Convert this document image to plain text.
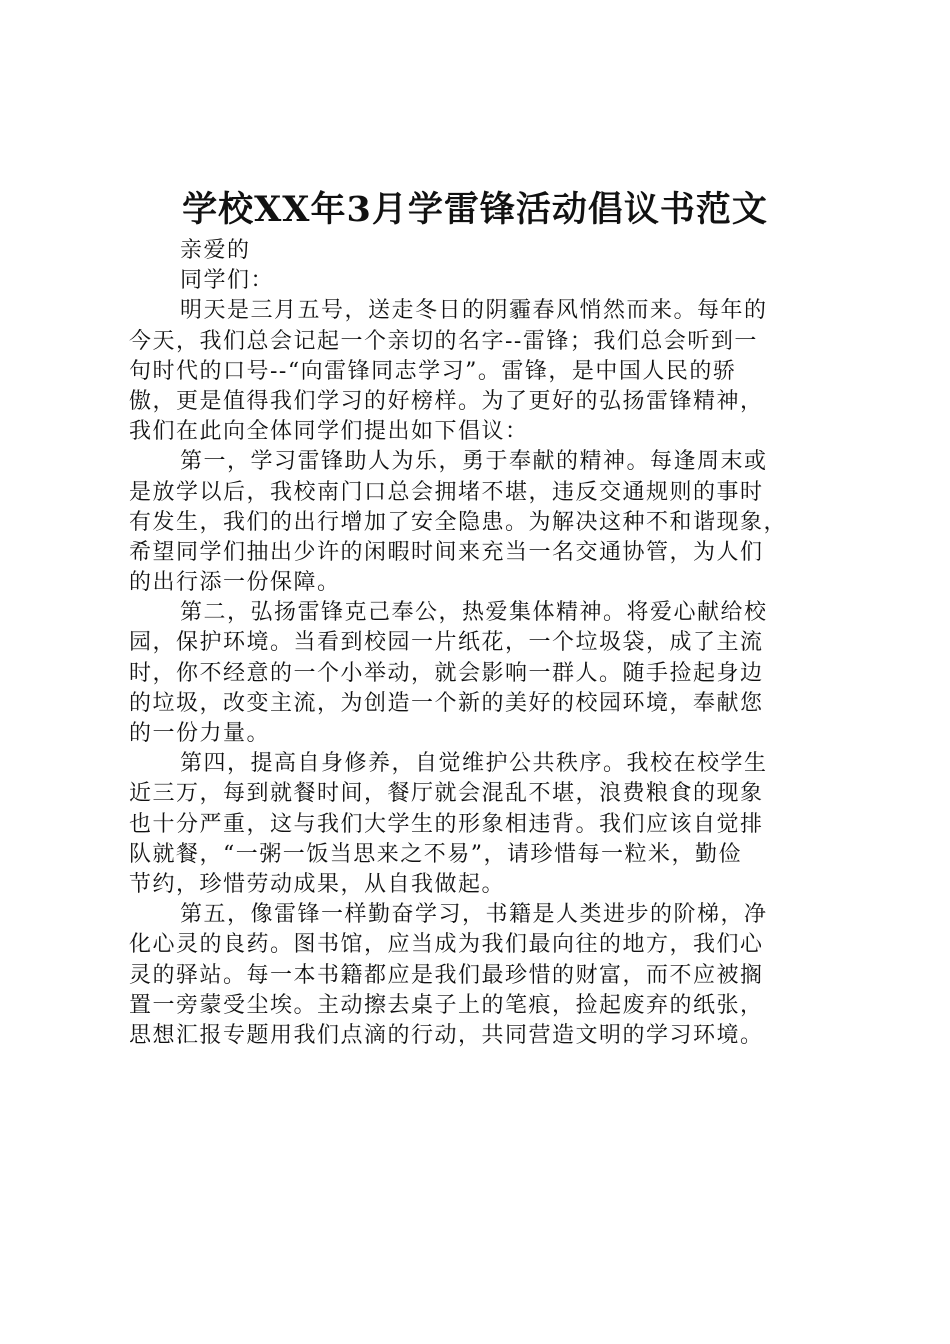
学校XX年3月学雷锋活动倡议书范文
亲爱的
同学们：
明天是三月五号，送走冬日的阴霾春风悄然而来。每年的
今天，我们总会记起一个亲切的名字--雷锋；我们总会听到一
句时代的口号--“向雷锋同志学习”。雷锋，是中国人民的骄
傲，更是值得我们学习的好榜样。为了更好的弘扬雷锋精神，
我们在此向全体同学们提出如下倡议：
第一，学习雷锋助人为乐，勇于奉献的精神。每逢周末或
是放学以后，我校南门口总会拥堵不堪，违反交通规则的事时
有发生，我们的出行增加了安全隐患。为解决这种不和谐现象，
希望同学们抽出少许的闲暇时间来充当一名交通协管，为人们
的出行添一份保障。
第二，弘扬雷锋克己奉公，热爱集体精神。将爱心献给校
园，保护环境。当看到校园一片纸花，一个垃圾袋，成了主流
时，你不经意的一个小举动，就会影响一群人。随手捡起身边
的垃圾，改变主流，为创造一个新的美好的校园环境，奉献您
的一份力量。
第四，提高自身修养，自觉维护公共秩序。我校在校学生
近三万，每到就餐时间，餐厅就会混乱不堪，浪费粮食的现象
也十分严重，这与我们大学生的形象相违背。我们应该自觉排
队就餐，“一粥一饭当思来之不易”，请珍惜每一粒米，勤俭
节约，珍惜劳动成果，从自我做起。
第五，像雷锋一样勤奋学习，书籍是人类进步的阶梯，净
化心灵的良药。图书馆，应当成为我们最向往的地方，我们心
灵的驿站。每一本书籍都应是我们最珍惜的财富，而不应被搁
置一旁蒙受尘埃。主动擦去桌子上的笔痕，捡起废弃的纸张，
思想汇报专题用我们点滴的行动，共同营造文明的学习环境。
